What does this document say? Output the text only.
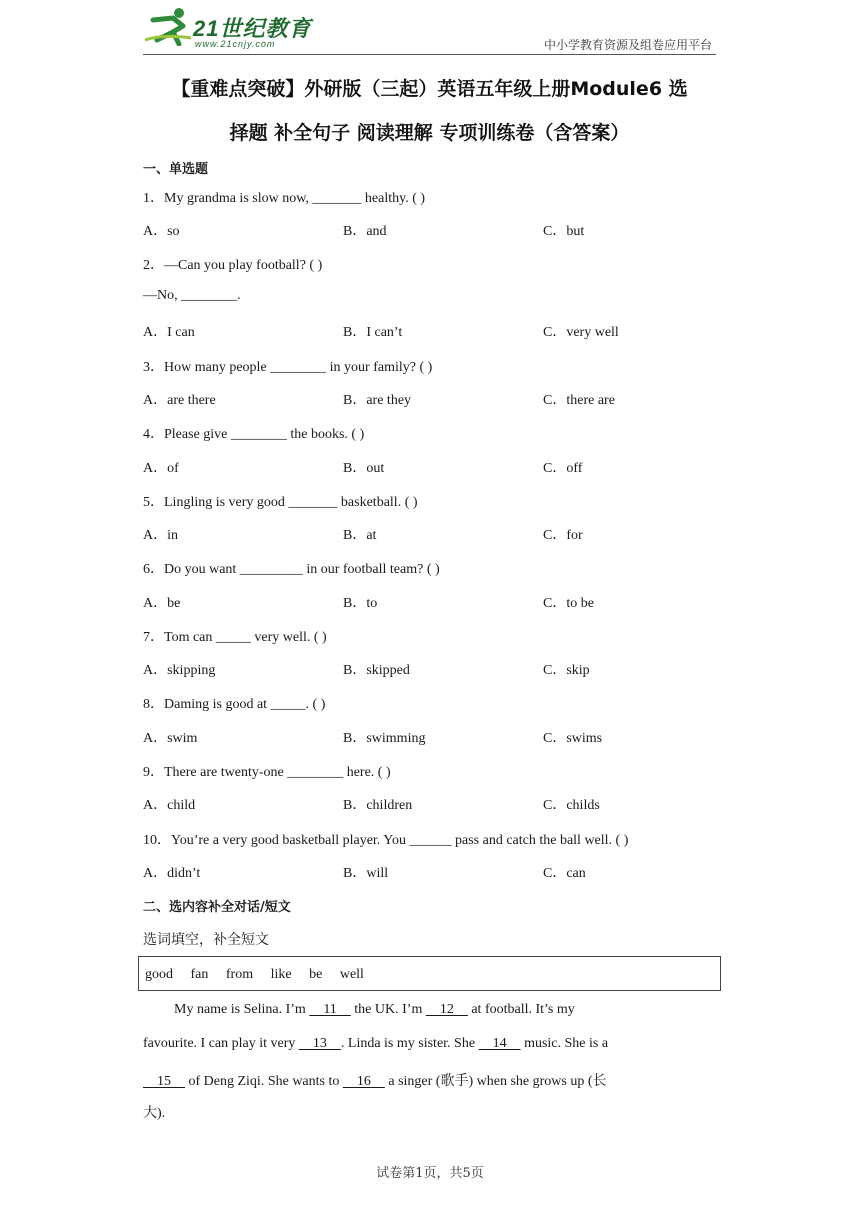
21世纪教育
www.21cnjy.com	中小学教育资源及组卷应用平台
【重难点突破】外研版（三起）英语五年级上册Module6 选
择题 补全句子 阅读理解 专项训练卷（含答案）
一、单选题
1．My grandma is slow now, _______ healthy. ( )
A．so	B．and	C．but
2．—Can you play football? ( )
—No, ________.
A．I can	B．I can’t	C．very well
3．How many people ________ in your family? ( )
A．are there	B．are they	C．there are
4．Please give ________ the books. ( )
A．of	B．out	C．off
5．Lingling is very good _______ basketball. ( )
A．in	B．at	C．for
6．Do you want _________ in our football team? ( )
A．be	B．to	C．to be
7．Tom can _____ very well. ( )
A．skipping	B．skipped	C．skip
8．Daming is good at _____. ( )
A．swim	B．swimming	C．swims
9．There are twenty-one ________ here. ( )
A．child	B．children	C．childs
10．You’re a very good basketball player. You ______ pass and catch the ball well. ( )
A．didn’t	B．will	C．can
二、选内容补全对话/短文
选词填空，补全短文
good fan from like be well
My name is Selina. I’m     11     the UK. I’m     12     at football. It’s my
favourite. I can play it very     13    . Linda is my sister. She     14     music. She is a
15     of Deng Ziqi. She wants to     16     a singer (歌手) when she grows up (长
大).
试卷第1页，共5页
